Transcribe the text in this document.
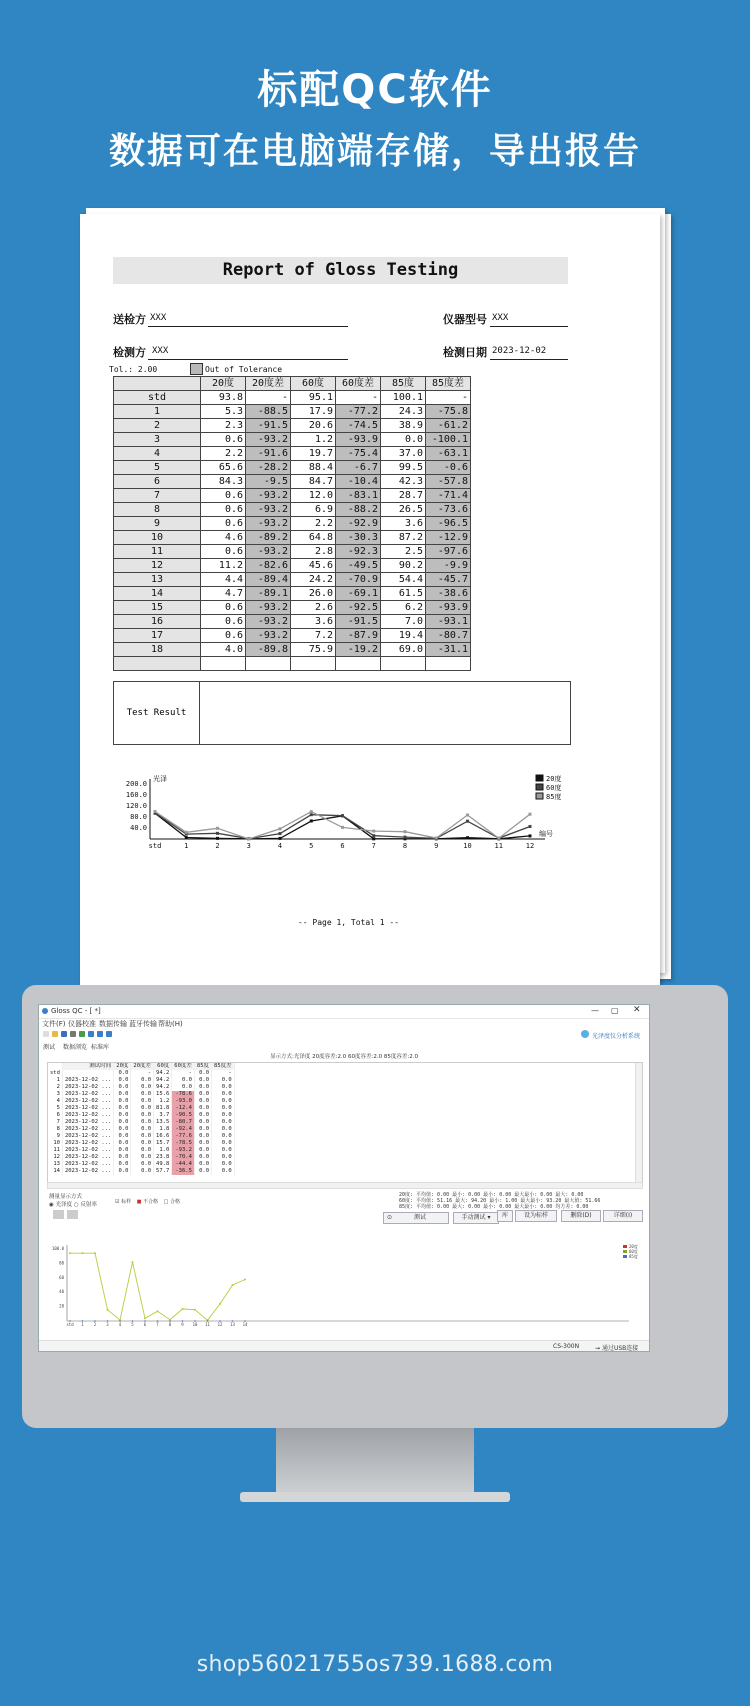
标配QC软件
数据可在电脑端存储，导出报告
Report of Gloss Testing
送检方 XXX
检测方 XXX
仪器型号 XXX
检测日期 2023-12-02
Tol.: 2.00	Out of Tolerance
	20度	20度差	60度	60度差	85度	85度差
std	93.8	-	95.1	-	100.1	-
1	5.3	-88.5	17.9	-77.2	24.3	-75.8
2	2.3	-91.5	20.6	-74.5	38.9	-61.2
3	0.6	-93.2	1.2	-93.9	0.0	-100.1
4	2.2	-91.6	19.7	-75.4	37.0	-63.1
5	65.6	-28.2	88.4	-6.7	99.5	-0.6
6	84.3	-9.5	84.7	-10.4	42.3	-57.8
7	0.6	-93.2	12.0	-83.1	28.7	-71.4
8	0.6	-93.2	6.9	-88.2	26.5	-73.6
9	0.6	-93.2	2.2	-92.9	3.6	-96.5
10	4.6	-89.2	64.8	-30.3	87.2	-12.9
11	0.6	-93.2	2.8	-92.3	2.5	-97.6
12	11.2	-82.6	45.6	-49.5	90.2	-9.9
13	4.4	-89.4	24.2	-70.9	54.4	-45.7
14	4.7	-89.1	26.0	-69.1	61.5	-38.6
15	0.6	-93.2	2.6	-92.5	6.2	-93.9
16	0.6	-93.2	3.6	-91.5	7.0	-93.1
17	0.6	-93.2	7.2	-87.9	19.4	-80.7
18	4.0	-89.8	75.9	-19.2	69.0	-31.1

Test Result
200.0
160.0
120.0
80.0
40.0
光泽
std	1	2	3	4	5	6	7	8	9	10	11	12
编号
20度
60度
85度
-- Page 1, Total 1 --
Gloss QC - [ *]	— ▢ ✕
文件(F) 仪器校准 数据传输 蓝牙传输 帮助(H)
光泽度仪分析系统
测试 数据浏览 标准库
显示方式:光泽度 20度容差:2.0 60度容差:2.0 85度容差:2.0
	测试时间	20度	20度差	60度	60度差	85度	85度差
std		0.0	-	94.2	-	0.0	-
1	2023-12-02 ...	0.0	0.0	94.2	0.0	0.0	0.0
2	2023-12-02 ...	0.0	0.0	94.2	0.0	0.0	0.0
3	2023-12-02 ...	0.0	0.0	15.6	-78.6	0.0	0.0
4	2023-12-02 ...	0.0	0.0	1.2	-93.0	0.0	0.0
5	2023-12-02 ...	0.0	0.0	81.8	-12.4	0.0	0.0
6	2023-12-02 ...	0.0	0.0	3.7	-90.5	0.0	0.0
7	2023-12-02 ...	0.0	0.0	13.5	-80.7	0.0	0.0
8	2023-12-02 ...	0.0	0.0	1.8	-92.4	0.0	0.0
9	2023-12-02 ...	0.0	0.0	16.6	-77.6	0.0	0.0
10	2023-12-02 ...	0.0	0.0	15.7	-78.5	0.0	0.0
11	2023-12-02 ...	0.0	0.0	1.0	-93.2	0.0	0.0
12	2023-12-02 ...	0.0	0.0	23.8	-70.4	0.0	0.0
13	2023-12-02 ...	0.0	0.0	49.8	-44.4	0.0	0.0
14	2023-12-02 ...	0.0	0.0	57.7	-36.5	0.0	0.0
20度: 平均值: 0.00 最小: 0.00 最小: 0.00 最大最小: 0.00 最大: 0.00
60度: 平均值: 51.16 最大: 94.20 最小: 1.00 最大最小: 93.20 最大值: 51.66
85度: 平均值: 0.00 最大: 0.00 最小: 0.00 最大最小: 0.00 均方差: 0.00
测量显示方式
◉ 光泽度 ○ 反射率	☑ 标样 ■ 不合格 □ 合格
⊙	测试	手动测试 ▾	库	设为标样	删除(D)	详细(I)
100.0
80
60
40
20
std 1	2	3	4	5	6	7	8	9 10 11 12 13 14
20度
60度
85度
CS-300N	⇝ 通过USB连接
shop56021755os739.1688.com
